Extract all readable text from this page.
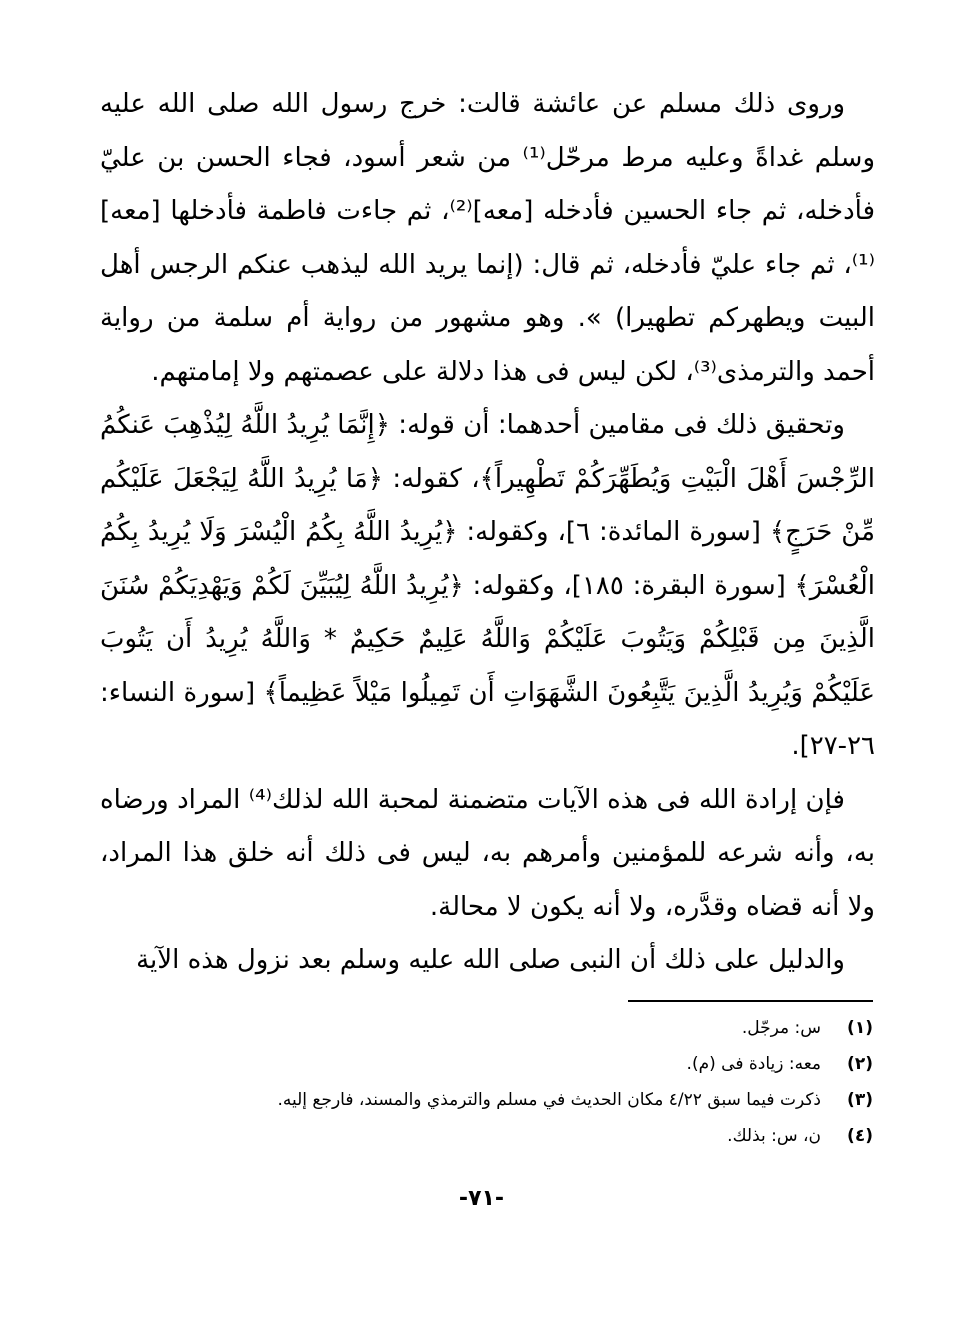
وروى ذلك مسلم عن عائشة قالت: خرج رسول الله صلى الله عليه وسلم غداةً وعليه مرط مرحّل⁽¹⁾ من شعر أسود، فجاء الحسن بن عليّ فأدخله، ثم جاء الحسين فأدخله [معه]⁽²⁾، ثم جاءت فاطمة فأدخلها [معه]⁽¹⁾، ثم جاء عليّ فأدخله، ثم قال: (إنما يريد الله ليذهب عنكم الرجس أهل البيت ويطهركم تطهيرا) ». وهو مشهور من رواية أم سلمة من رواية أحمد والترمذى⁽³⁾، لكن ليس فى هذا دلالة على عصمتهم ولا إمامتهم.

وتحقيق ذلك فى مقامين أحدهما: أن قوله: ﴿إِنَّمَا يُرِيدُ اللَّهُ لِيُذْهِبَ عَنكُمُ الرِّجْسَ أَهْلَ الْبَيْتِ وَيُطَهِّرَكُمْ تَطْهِيراً﴾، كقوله: ﴿مَا يُرِيدُ اللَّهُ لِيَجْعَلَ عَلَيْكُم مِّنْ حَرَجٍ﴾ [سورة المائدة: ٦]، وكقوله: ﴿يُرِيدُ اللَّهُ بِكُمُ الْيُسْرَ وَلَا يُرِيدُ بِكُمُ الْعُسْرَ﴾ [سورة البقرة: ١٨٥]، وكقوله: ﴿يُرِيدُ اللَّهُ لِيُبَيِّنَ لَكُمْ وَيَهْدِيَكُمْ سُنَنَ الَّذِينَ مِن قَبْلِكُمْ وَيَتُوبَ عَلَيْكُمْ وَاللَّهُ عَلِيمٌ حَكِيمٌ * وَاللَّهُ يُرِيدُ أَن يَتُوبَ عَلَيْكُمْ وَيُرِيدُ الَّذِينَ يَتَّبِعُونَ الشَّهَوَاتِ أَن تَمِيلُوا مَيْلاً عَظِيماً﴾ [سورة النساء: ٢٦-٢٧].

فإن إرادة الله فى هذه الآيات متضمنة لمحبة الله لذلك⁽⁴⁾ المراد ورضاه به، وأنه شرعه للمؤمنين وأمرهم به، ليس فى ذلك أنه خلق هذا المراد، ولا أنه قضاه وقدَّره، ولا أنه يكون لا محالة.

والدليل على ذلك أن النبى صلى الله عليه وسلم بعد نزول هذه الآية

(١)
س: مرجّل.
(٢)
معه: زيادة فى (م).
(٣)
ذكرت فيما سبق ٤/٢٢ مكان الحديث في مسلم والترمذي والمسند، فارجع إليه.
(٤)
ن، س: بذلك.
-٧١-
